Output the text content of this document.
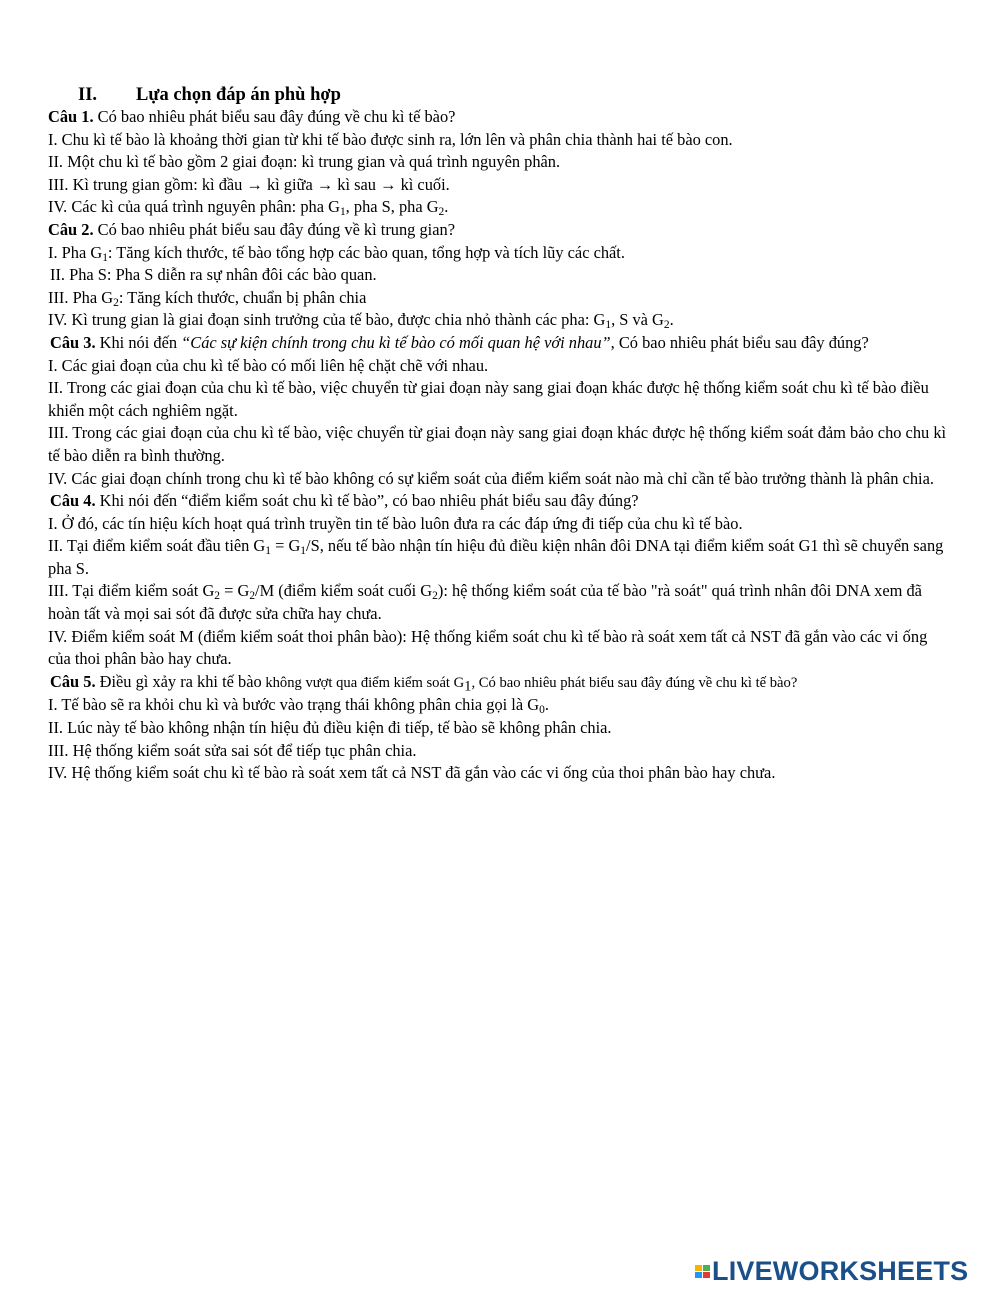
II. Lựa chọn đáp án phù hợp
Câu 1. Có bao nhiêu phát biểu sau đây đúng về chu kì tế bào?
I. Chu kì tế bào là khoảng thời gian từ khi tế bào được sinh ra, lớn lên và phân chia thành hai tế bào con.
II. Một chu kì tế bào gồm 2 giai đoạn: kì trung gian và quá trình nguyên phân.
III. Kì trung gian gồm: kì đầu → kì giữa → kì sau → kì cuối.
IV. Các kì của quá trình nguyên phân: pha $G_1$, pha S, pha $G_2$.
Câu 2. Có bao nhiêu phát biểu sau đây đúng về kì trung gian?
I. Pha $G_1$: Tăng kích thước, tế bào tổng hợp các bào quan, tổng hợp và tích lũy các chất.
II. Pha S: Pha S diễn ra sự nhân đôi các bào quan.
III. Pha $G_2$: Tăng kích thước, chuẩn bị phân chia
IV. Kì trung gian là giai đoạn sinh trưởng của tế bào, được chia nhỏ thành các pha: $G_1$, S và $G_2$.
Câu 3. Khi nói đến “Các sự kiện chính trong chu kì tế bào có mối quan hệ với nhau”, Có bao nhiêu phát biểu sau đây đúng?
I. Các giai đoạn của chu kì tế bào có mối liên hệ chặt chẽ với nhau.
II. Trong các giai đoạn của chu kì tế bào, việc chuyển từ giai đoạn này sang giai đoạn khác được hệ thống kiểm soát chu kì tế bào điều khiển một cách nghiêm ngặt.
III. Trong các giai đoạn của chu kì tế bào, việc chuyển từ giai đoạn này sang giai đoạn khác được hệ thống kiểm soát đảm bảo cho chu kì tế bào diễn ra bình thường.
IV. Các giai đoạn chính trong chu kì tế bào không có sự kiểm soát của điểm kiểm soát nào mà chỉ cần tế bào trưởng thành là phân chia.
Câu 4. Khi nói đến “điểm kiểm soát chu kì tế bào”, có bao nhiêu phát biểu sau đây đúng?
I. Ở đó, các tín hiệu kích hoạt quá trình truyền tin tế bào luôn đưa ra các đáp ứng đi tiếp của chu kì tế bào.
II. Tại điểm kiểm soát đầu tiên $G_1 = G_1/S$, nếu tế bào nhận tín hiệu đủ điều kiện nhân đôi DNA tại điểm kiểm soát G1 thì sẽ chuyển sang pha S.
III. Tại điểm kiểm soát $G_2 = G_2/M$ (điểm kiểm soát cuối $G_2$): hệ thống kiểm soát của tế bào "rà soát" quá trình nhân đôi DNA xem đã hoàn tất và mọi sai sót đã được sửa chữa hay chưa.
IV. Điểm kiểm soát M (điểm kiểm soát thoi phân bào): Hệ thống kiểm soát chu kì tế bào rà soát xem tất cả NST đã gắn vào các vi ống của thoi phân bào hay chưa.
Câu 5. Điều gì xảy ra khi tế bào không vượt qua điểm kiểm soát $G_1$, Có bao nhiêu phát biểu sau đây đúng về chu kì tế bào?
I. Tế bào sẽ ra khỏi chu kì và bước vào trạng thái không phân chia gọi là $G_0$.
II. Lúc này tế bào không nhận tín hiệu đủ điều kiện đi tiếp, tế bào sẽ không phân chia.
III. Hệ thống kiểm soát sửa sai sót để tiếp tục phân chia.
IV. Hệ thống kiểm soát chu kì tế bào rà soát xem tất cả NST đã gắn vào các vi ống của thoi phân bào hay chưa.
LIVEWORKSHEETS
